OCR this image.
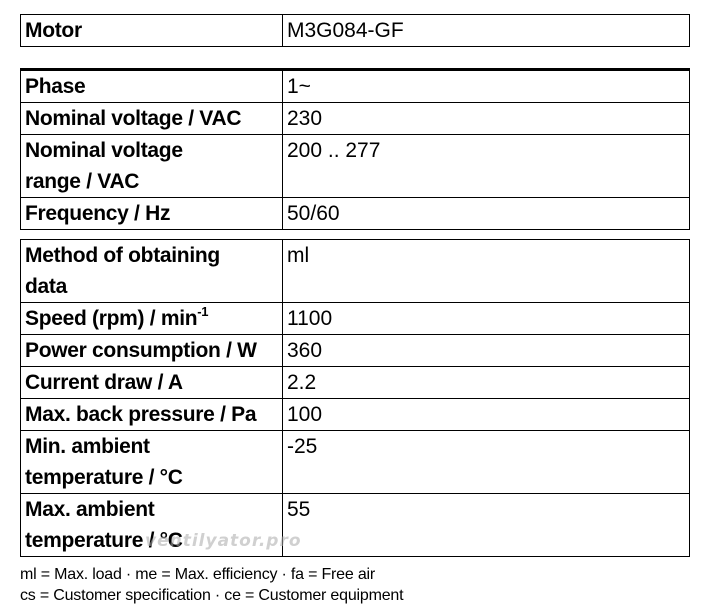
Motor	M3G084-GF
Phase	1~
Nominal voltage / VAC	230
Nominal voltage
range / VAC	200 .. 277
Frequency / Hz	50/60
Method of obtaining
data	ml
Speed $(rpm) / \min^{-1}$	1100
Power consumption / W	360
Current draw / A	2.2
Max. back pressure / Pa	100
Min. ambient
temperature / °C	-25
Max. ambient
temperature / °C	55
ventilyator.pro
ml = Max. load · me = Max. efficiency · fa = Free air
cs = Customer specification · ce = Customer equipment
